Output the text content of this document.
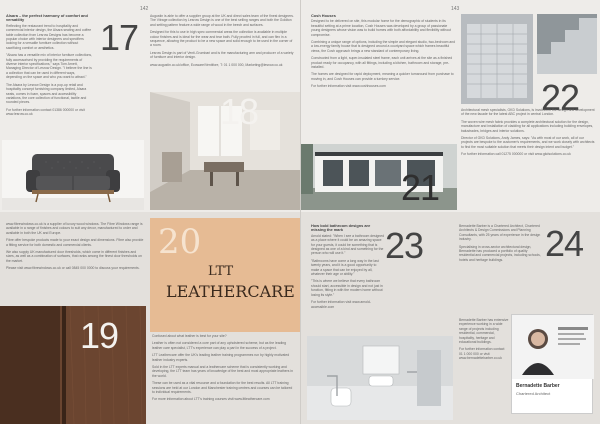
142
Alsara – the perfect harmony of comfort and versatility
Reflecting the restaurant trend to hospitality and commercial interior design, the Alsara seating and coffee table collection from Lesrow Designs has become a popular choice with interior designers and specifiers looking for a versatile furniture collection without sacrificing comfort or aesthetics.
"Alsara has a versatile mix of interior furniture collections, fully accessorised by providing the requirements of diverse interior specifications," says Tom Arnett, Managing Director of Lesrow Design. "I believe the line is a collection that can be used in different ways, depending on the space and who you want to attract."
The Alsara by Lesrow Design is a pop-up retail and hospitality concept furnishing company limited, Alsara seats, comes in foam, spaces and accessibility variations, the core collection of functional, tactile and rounded pieces.
For further information contact 01386 000000 or visit www.lesrow.co.uk
17
Augustin is able to offer a supplier group at the UK and direct sales team of the finest designers. The Vitrage collection by Lesrow Design is one of the best selling ranges and both the Goldton and setting pattern feature a wide range of wood in the beech and surfaces.
Designed for this to use in high spec commercial areas the collection is available in multiple colour finishes and is ideal for the wear and tear bath. Fully proofed in full, and can flex in a sequence, allowing the product to be a new space and solid enough to be used in the corner of a room.
Lesrow Design is part of Venti-Grumbari and is the manufacturing arm and producer of a variety of furniture and interior design.
www.augustin.co.uk/office, Ecoware/Ventifore, T: 01 1 000 000, Marketing@lesrow.co.uk
18
www.fibrewindows.co.uk is a supplier of luxury wood windows. The Fibre Windows range is available in a range of finishes and colours to suit any decor, manufactured to order and available in both the UK and Europe.
Fibre offer bespoke products made to your exact design and dimensions. Fibre also provide a fitting service for both domestic and commercial clients.
We also supply UK manufactured door thresholds, which come in different finishes and sizes, as well as a combination of surfaces, that ranks among the finest door thresholds on the market.
Please visit www.fibrewindows.co.uk or call 0845 000 0000 to discuss your requirements.
19
20
LTT
LEATHERCARE
Confused about what leather is best for your site?
Leather is often not considered a core part of any upholstered scheme, but as the leading leather care specialist, LTT's experience can play a part in the success of a project.
LTT Leathercare offer the UK's leading leather training programmes run by highly motivated leather industry experts.
Sold in the LTT experts manual and a leathercare scheme that is consistently working and developing, the LTT team has years of knowledge of the best and most appropriate leathers in the world.
These can be used as a vital resource and a foundation for the best results. All LTT training sessions are held at our London and Manchester training centres and courses can be tailored to individual requirements.
For more information about LTT's training courses visit www.lttleathercare.com
143
Cosh Houses
Designed to be delivered on site, this modular home for the demographic of students in its beautiful setting at a prime location, Cosh Houses was developed by a group of passionate young designers whose vision was to build homes with both affordability and flexibility without compromise.
Combining a unique range of options, including the simple and elegant studio, two-bedroom and a low-energy family house that is designed around a courtyard space which frames beautiful views, the Cosh approach brings a new standard of contemporary living.
Constructed from a light, super-insulated steel frame, each unit arrives at the site as a finished product ready for occupancy, with all fittings, including a kitchen, bathroom and storage, pre-installed.
The homes are designed for rapid deployment, meaning a quicker turnaround from purchase to moving in, and Cosh Houses can provide a turnkey service.
For further information visit www.coshhouses.com
21
22
Architectural mesh specialists, GKD Solutions, is involved in the design and development of the new facade for the latest ABC project in central London.
The woven wire mesh fabric provides a complete architectural solution for the design, manufacture and installation of cladding for all applications including building envelopes, balustrades, bridges and interior solutions.
Director of GKD Solutions, Andy James, says: "As with most of our work, all of our projects are bespoke to the customer's requirements, and we work closely with architects to find the most suitable solution that meets their design intent and budget."
For further information call 01275 000000 or visit www.gkdsolutions.co.uk
How bold bathroom designs are missing the mark
Arnold stated: "When I see a bathroom designed as a place where it could be an amazing space for your guests, it could be something that is designed as one of a kind and something for the person who will use it."
"Bathrooms have come a long way in the last twenty years, and it is a good opportunity to make a space that can be enjoyed by all, whatever their age or ability."
"This is where we believe that every bathroom should start, accessible in design and not just in function, fitting in with the modern home without losing its style."
For further information visit www.arnold-accessible.com
23	24
Bernadette Barber is a Chartered Architect, Chartered Architects & Design Commissions and Planning Consultants, with 25 years of experience in the design industry.
Specialising in cross-sector architectural design, Bernadette has produced a portfolio of quality residential and commercial projects, including schools, hotels and heritage buildings.
Bernadette Barber has extensive experience working in a wide range of projects including residential, commercial, hospitality, heritage and educational buildings.
For further information contact 01 1 000 000 or visit www.bernadettebarber.co.uk
Bernadette Barber
Chartered Architect
